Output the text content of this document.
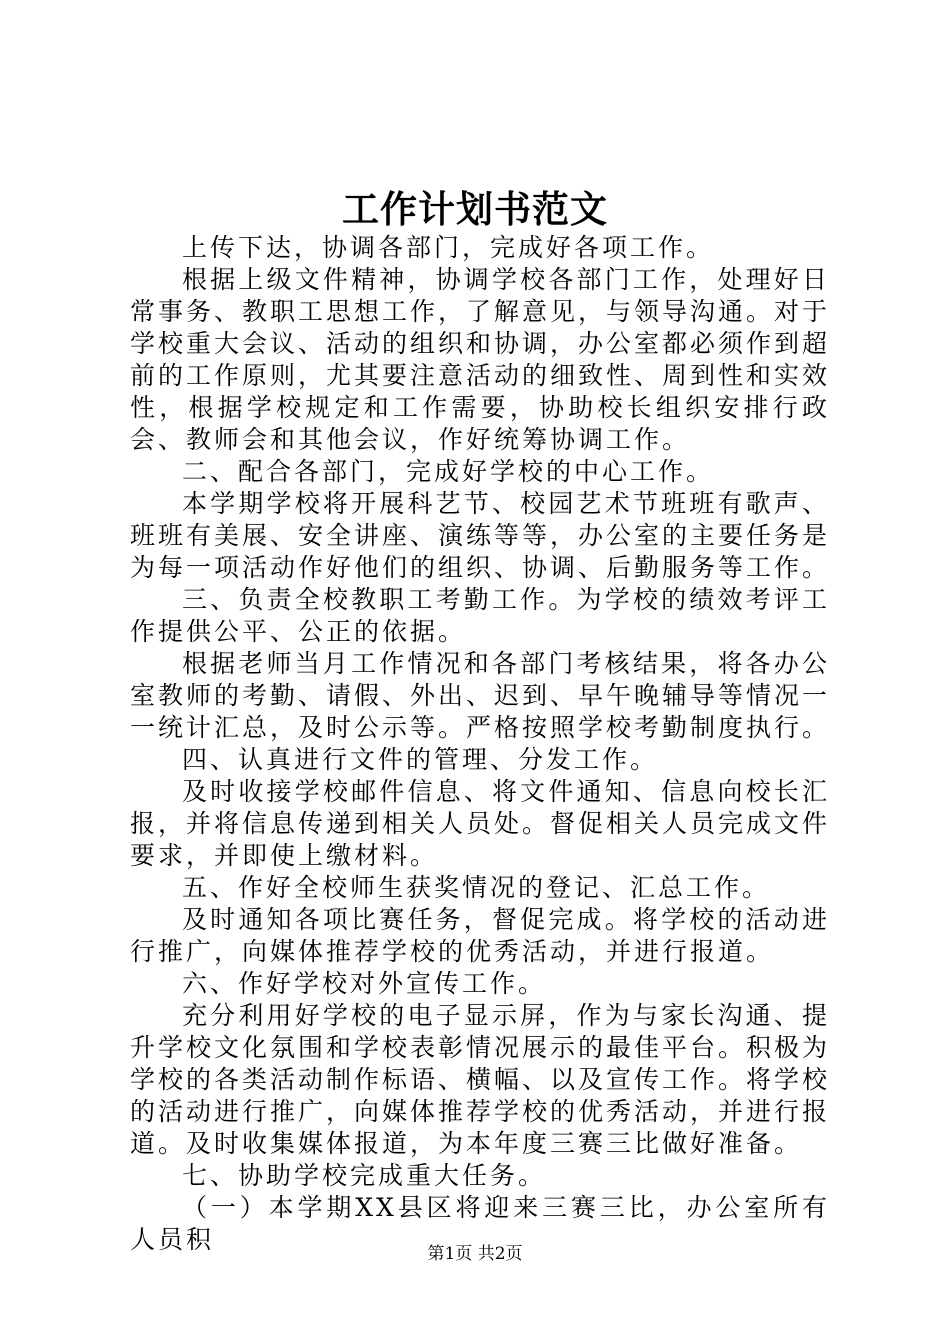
工作计划书范文

上传下达，协调各部门，完成好各项工作。

根据上级文件精神，协调学校各部门工作，处理好日常事务、教职工思想工作，了解意见，与领导沟通。对于学校重大会议、活动的组织和协调，办公室都必须作到超前的工作原则，尤其要注意活动的细致性、周到性和实效性，根据学校规定和工作需要，协助校长组织安排行政会、教师会和其他会议，作好统筹协调工作。

二、配合各部门，完成好学校的中心工作。

本学期学校将开展科艺节、校园艺术节班班有歌声、班班有美展、安全讲座、演练等等，办公室的主要任务是为每一项活动作好他们的组织、协调、后勤服务等工作。

三、负责全校教职工考勤工作。为学校的绩效考评工作提供公平、公正的依据。

根据老师当月工作情况和各部门考核结果，将各办公室教师的考勤、请假、外出、迟到、早午晚辅导等情况一一统计汇总，及时公示等。严格按照学校考勤制度执行。

四、认真进行文件的管理、分发工作。

及时收接学校邮件信息、将文件通知、信息向校长汇报，并将信息传递到相关人员处。督促相关人员完成文件要求，并即使上缴材料。

五、作好全校师生获奖情况的登记、汇总工作。

及时通知各项比赛任务，督促完成。将学校的活动进行推广，向媒体推荐学校的优秀活动，并进行报道。

六、作好学校对外宣传工作。

充分利用好学校的电子显示屏，作为与家长沟通、提升学校文化氛围和学校表彰情况展示的最佳平台。积极为学校的各类活动制作标语、横幅、以及宣传工作。将学校的活动进行推广，向媒体推荐学校的优秀活动，并进行报道。及时收集媒体报道，为本年度三赛三比做好准备。

七、协助学校完成重大任务。

（一）本学期XX县区将迎来三赛三比，办公室所有人员积	第1页 共2页
